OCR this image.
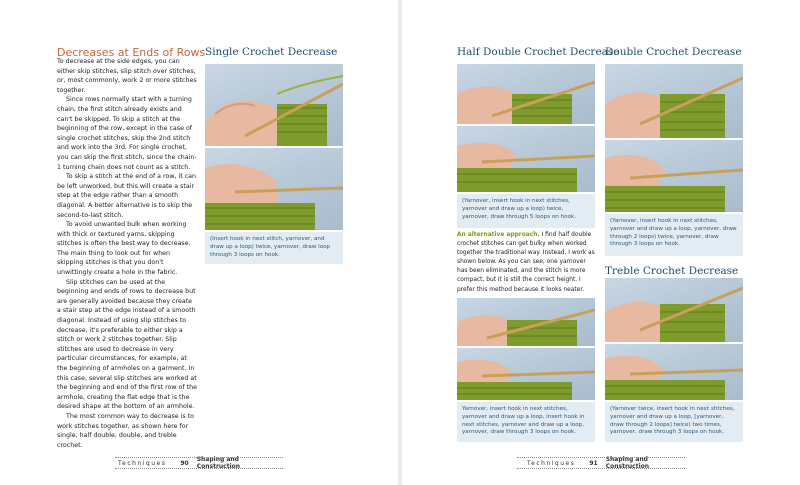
Decreases at Ends of Rows

To decrease at the side edges, you can either skip stitches, slip stitch over stitches, or, most commonly, work 2 or more stitches together.

Since rows normally start with a turning chain, the first stitch already exists and can't be skipped. To skip a stitch at the beginning of the row, except in the case of single crochet stitches, skip the 2nd stitch and work into the 3rd. For single crochet, you can skip the first stitch, since the chain-1 turning chain does not count as a stitch.

To skip a stitch at the end of a row, it can be left unworked, but this will create a stair step at the edge rather than a smooth diagonal. A better alternative is to skip the second-to-last stitch.

To avoid unwanted bulk when working with thick or textured yarns, skipping stitches is often the best way to decrease. The main thing to look out for when skipping stitches is that you don't unwittingly create a hole in the fabric.

Slip stitches can be used at the beginning and ends of rows to decrease but are generally avoided because they create a stair step at the edge instead of a smooth diagonal. Instead of using slip stitches to decrease, it's preferable to either skip a stitch or work 2 stitches together. Slip stitches are used to decrease in very particular circumstances, for example, at the beginning of armholes on a garment. In this case, several slip stitches are worked at the beginning and end of the first row of the armhole, creating the flat edge that is the desired shape at the bottom of an armhole.

The most common way to decrease is to work stitches together, as shown here for single, half double, double, and treble crochet.

Single Crochet Decrease
(Insert hook in next stitch, yarnover, and draw up a loop) twice, yarnover, draw loop through 3 loops on hook.
Techniques 90 Shaping and Construction
Half Double Crochet Decrease
(Yarnover, insert hook in next stitches, yarnover and draw up a loop) twice, yarnover, draw through 5 loops on hook.
An alternative approach. I find half double crochet stitches can get bulky when worked together the traditional way. Instead, I work as shown below. As you can see, one yarnover has been eliminated, and the stitch is more compact, but it is still the correct height. I prefer this method because it looks neater.
Yarnover, insert hook in next stitches, yarnover and draw up a loop, insert hook in next stitches, yarnover and draw up a loop, yarnover, draw through 3 loops on hook.
Double Crochet Decrease
(Yarnover, insert hook in next stitches, yarnover and draw up a loop, yarnover, draw through 2 loops) twice, yarnover, draw through 3 loops on hook.
Treble Crochet Decrease
(Yarnover twice, insert hook in next stitches, yarnover and draw up a loop, [yarnover, draw through 2 loops] twice) two times, yarnover, draw through 3 loops on hook.
Techniques 91 Shaping and Construction
